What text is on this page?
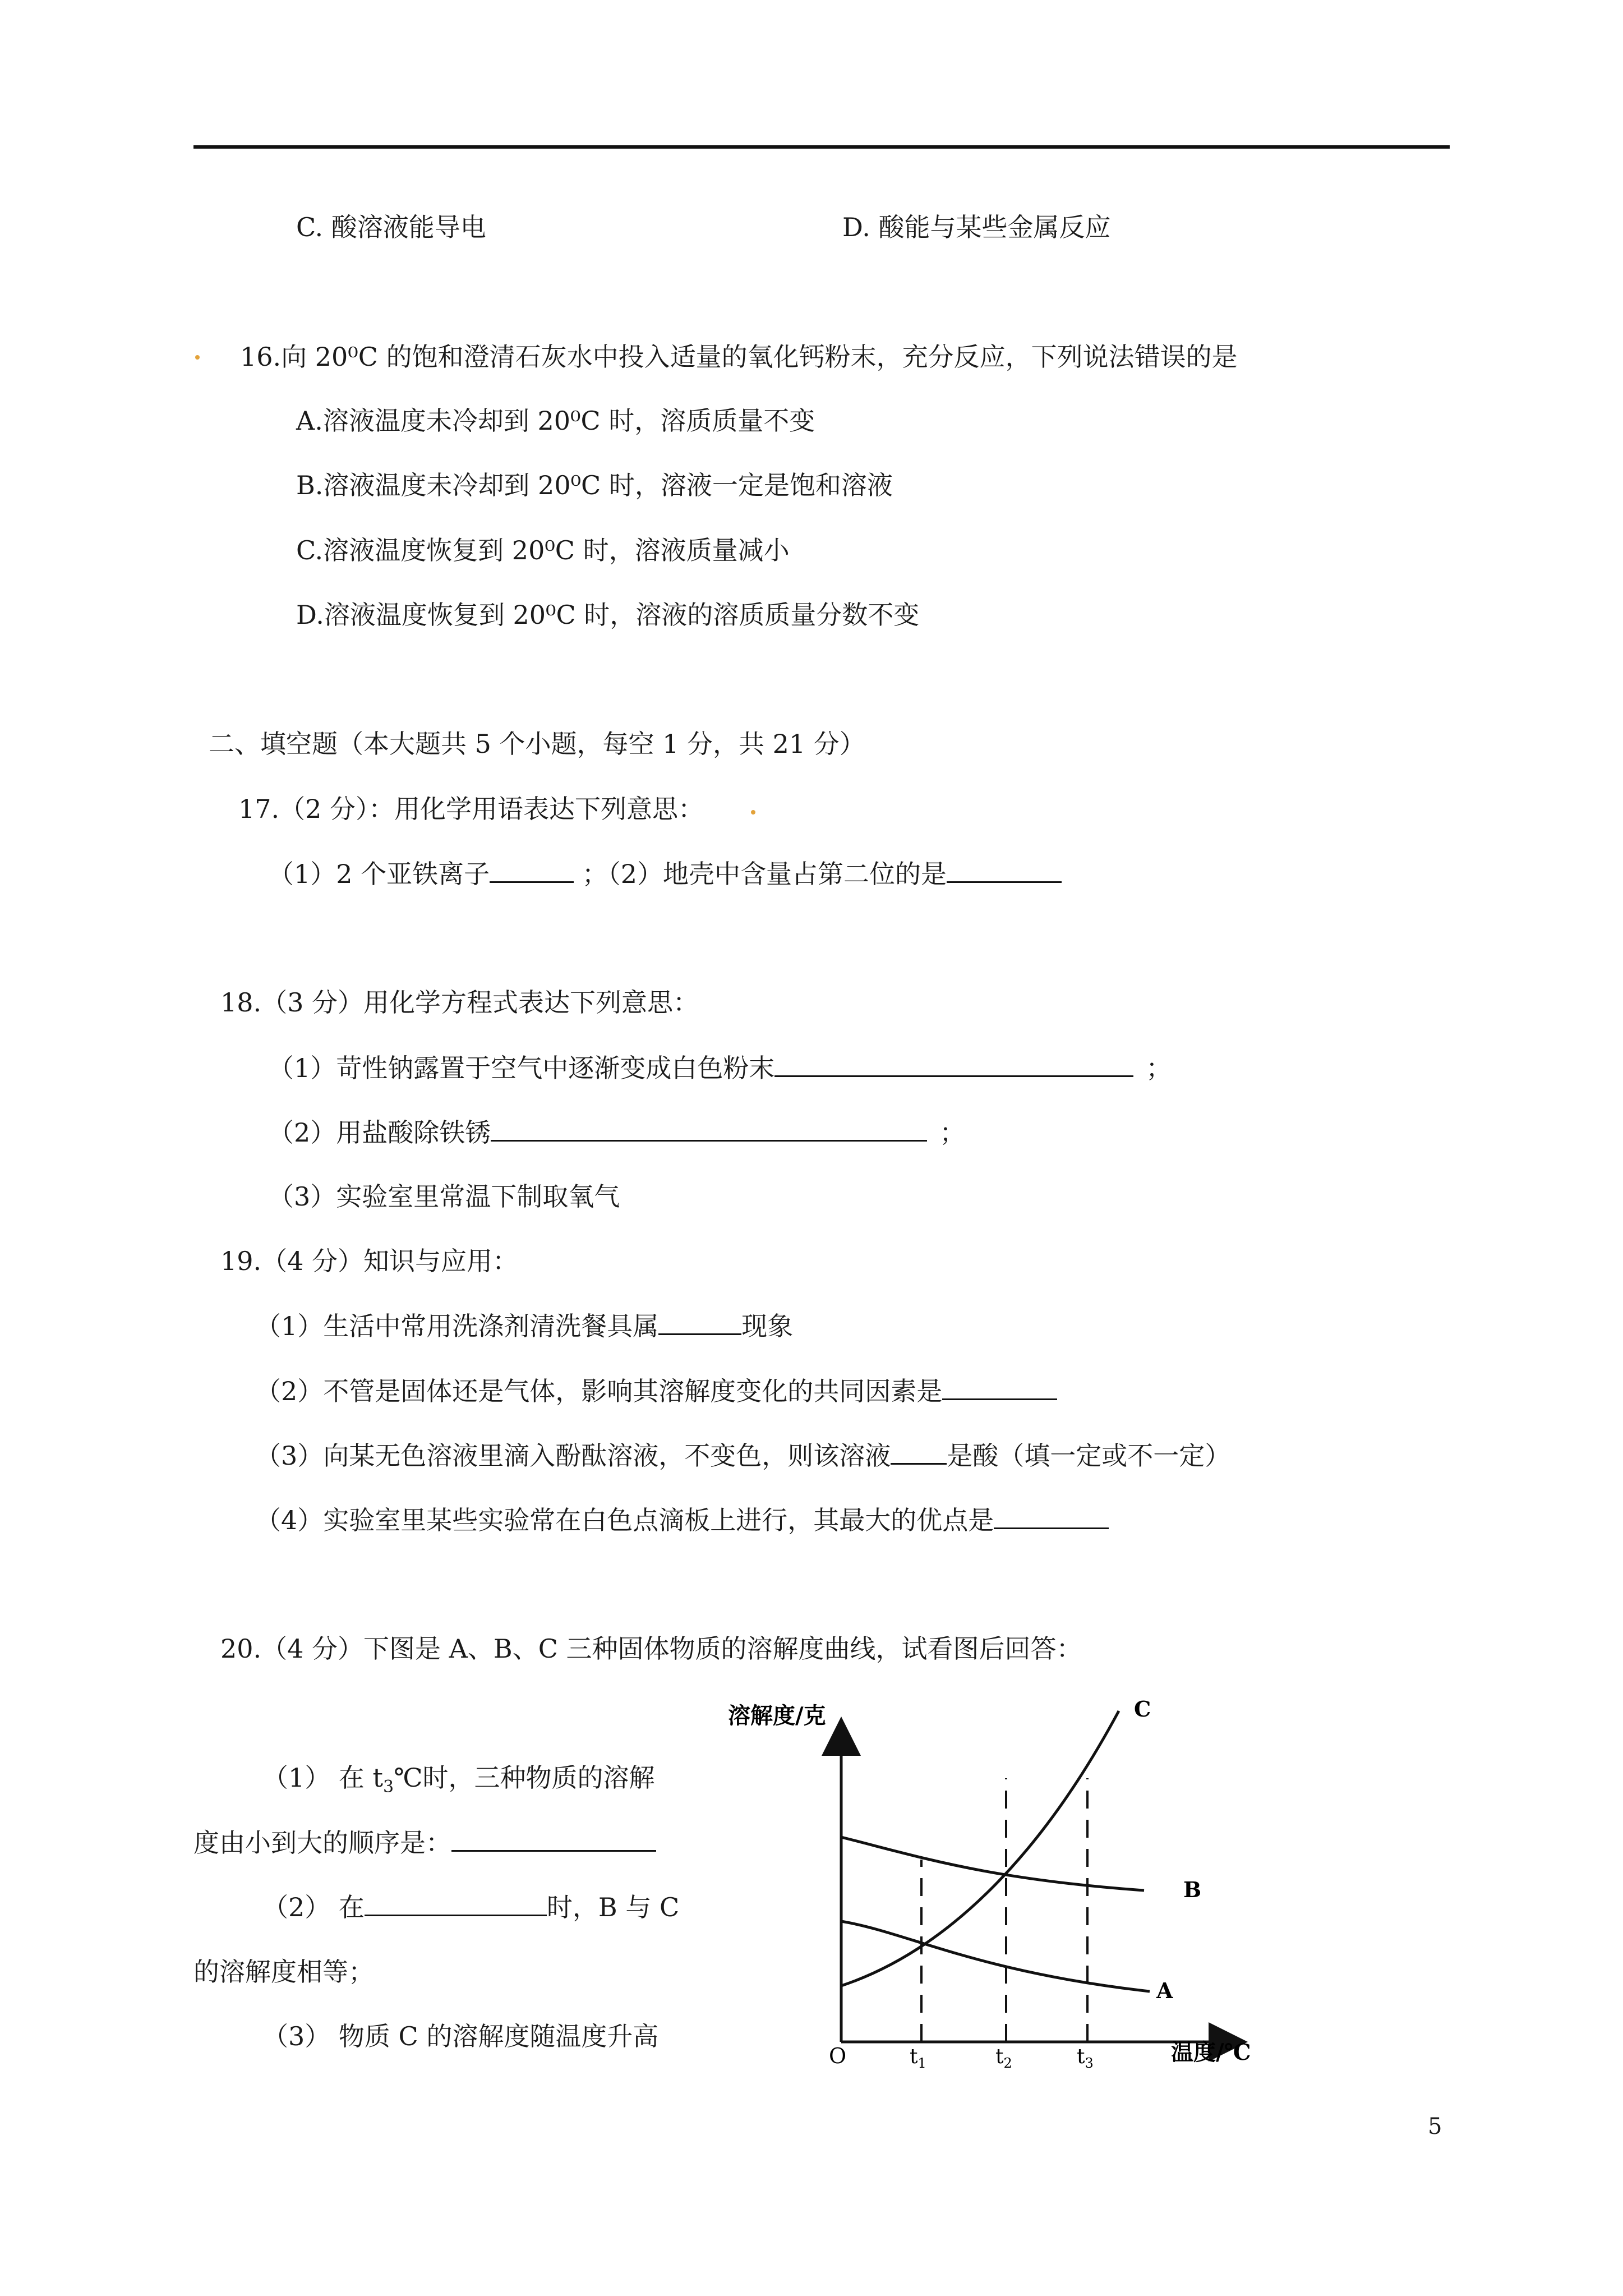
C. 酸溶液能导电	D. 酸能与某些金属反应
16.向 20⁰C 的饱和澄清石灰水中投入适量的氧化钙粉末，充分反应，下列说法错误的是
A.溶液温度未冷却到 20⁰C 时，溶质质量不变
B.溶液温度未冷却到 20⁰C 时，溶液一定是饱和溶液
C.溶液温度恢复到 20⁰C 时，溶液质量减小
D.溶液温度恢复到 20⁰C 时，溶液的溶质质量分数不变
二、填空题（本大题共 5 个小题，每空 1 分，共 21 分）
17.（2 分）：用化学用语表达下列意思：
（1）2 个亚铁离子	；（2）地壳中含量占第二位的是
18.（3 分）用化学方程式表达下列意思：
（1）苛性钠露置于空气中逐渐变成白色粉末	；
（2）用盐酸除铁锈	；
（3）实验室里常温下制取氧气
19.（4 分）知识与应用：
（1）生活中常用洗涤剂清洗餐具属	现象
（2）不管是固体还是气体，影响其溶解度变化的共同因素是
（3）向某无色溶液里滴入酚酞溶液，不变色，则该溶液 是酸（填一定或不一定）
（4）实验室里某些实验常在白色点滴板上进行，其最大的优点是
20.（4 分）下图是 A、B、C 三种固体物质的溶解度曲线，试看图后回答：
（1） 在 $t_3℃$时，三种物质的溶解
度由小到大的顺序是：
（2） 在	时，B 与 C
的溶解度相等；
（3） 物质 C 的溶解度随温度升高
溶解度/克
温度/℃
O	$t_1$	$t_2$	$t_3$
A
B
C
5
